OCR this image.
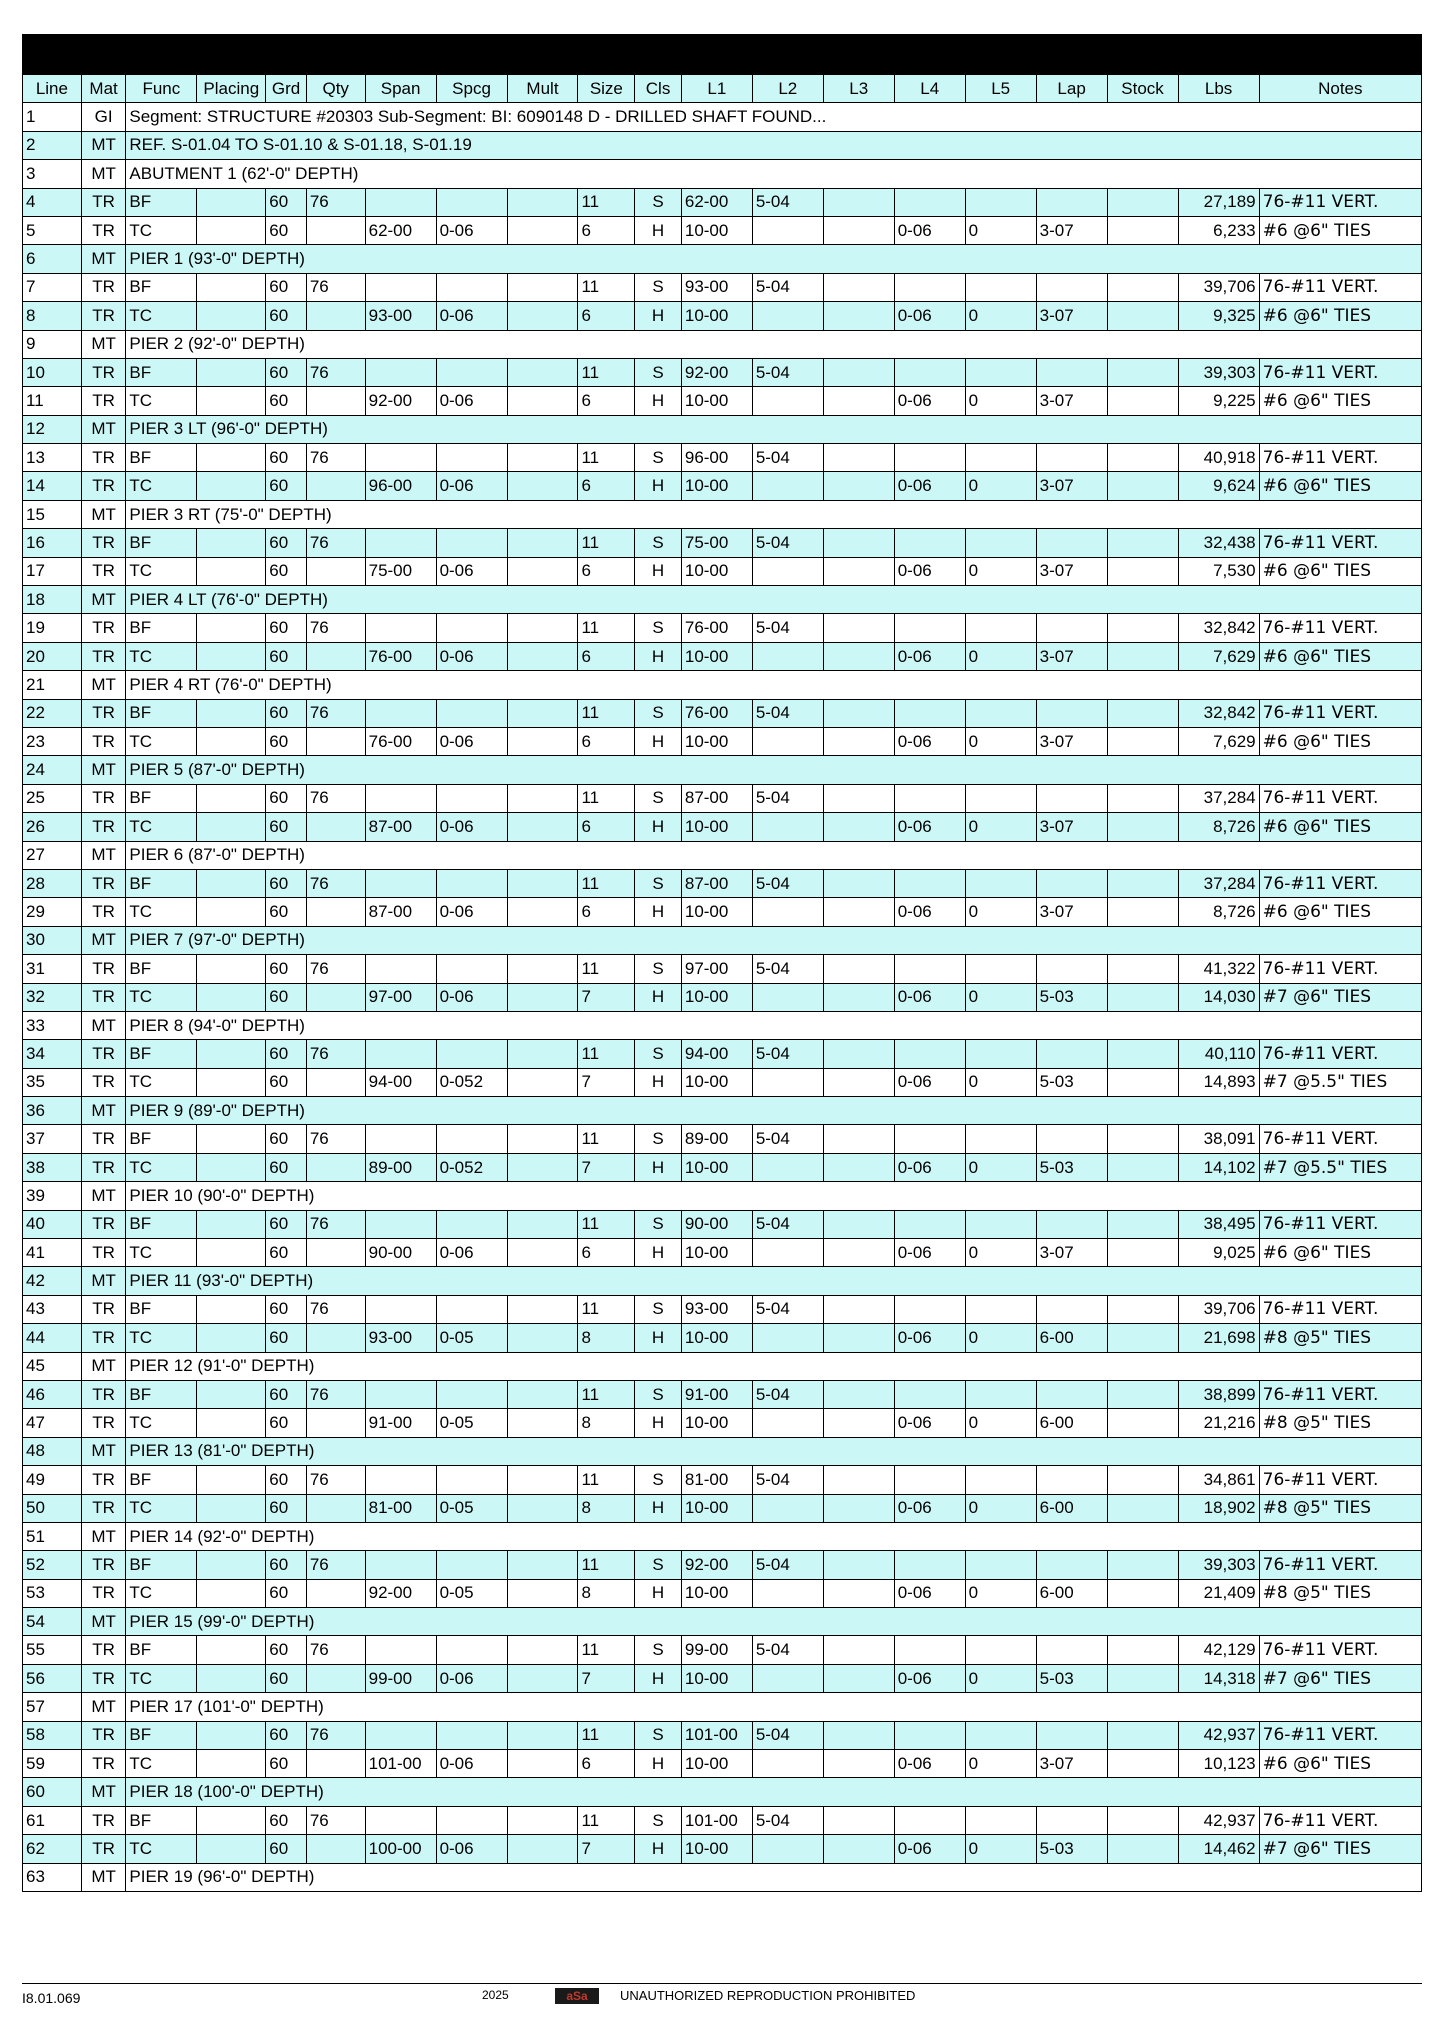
Line	Mat	Func	Placing	Grd	Qty	Span	Spcg	Mult	Size	Cls	L1	L2	L3	L4	L5	Lap	Stock	Lbs	Notes
1	GI	Segment: STRUCTURE #20303 Sub-Segment: BI: 6090148 D - DRILLED SHAFT FOUND...																	
2	MT	REF. S-01.04 TO S-01.10 & S-01.18, S-01.19																	
3	MT	ABUTMENT 1 (62'-0" DEPTH)																	
4	TR	BF		60	76				11	S	62-00	5-04						27,189	76-#11 VERT.
5	TR	TC		60		62-00	0-06		6	H	10-00			0-06	0	3-07		6,233	#6 @6" TIES
6	MT	PIER 1 (93'-0" DEPTH)																	
7	TR	BF		60	76				11	S	93-00	5-04						39,706	76-#11 VERT.
8	TR	TC		60		93-00	0-06		6	H	10-00			0-06	0	3-07		9,325	#6 @6" TIES
9	MT	PIER 2 (92'-0" DEPTH)																	
10	TR	BF		60	76				11	S	92-00	5-04						39,303	76-#11 VERT.
11	TR	TC		60		92-00	0-06		6	H	10-00			0-06	0	3-07		9,225	#6 @6" TIES
12	MT	PIER 3 LT (96'-0" DEPTH)																	
13	TR	BF		60	76				11	S	96-00	5-04						40,918	76-#11 VERT.
14	TR	TC		60		96-00	0-06		6	H	10-00			0-06	0	3-07		9,624	#6 @6" TIES
15	MT	PIER 3 RT (75'-0" DEPTH)																	
16	TR	BF		60	76				11	S	75-00	5-04						32,438	76-#11 VERT.
17	TR	TC		60		75-00	0-06		6	H	10-00			0-06	0	3-07		7,530	#6 @6" TIES
18	MT	PIER 4 LT (76'-0" DEPTH)																	
19	TR	BF		60	76				11	S	76-00	5-04						32,842	76-#11 VERT.
20	TR	TC		60		76-00	0-06		6	H	10-00			0-06	0	3-07		7,629	#6 @6" TIES
21	MT	PIER 4 RT (76'-0" DEPTH)																	
22	TR	BF		60	76				11	S	76-00	5-04						32,842	76-#11 VERT.
23	TR	TC		60		76-00	0-06		6	H	10-00			0-06	0	3-07		7,629	#6 @6" TIES
24	MT	PIER 5 (87'-0" DEPTH)																	
25	TR	BF		60	76				11	S	87-00	5-04						37,284	76-#11 VERT.
26	TR	TC		60		87-00	0-06		6	H	10-00			0-06	0	3-07		8,726	#6 @6" TIES
27	MT	PIER 6 (87'-0" DEPTH)																	
28	TR	BF		60	76				11	S	87-00	5-04						37,284	76-#11 VERT.
29	TR	TC		60		87-00	0-06		6	H	10-00			0-06	0	3-07		8,726	#6 @6" TIES
30	MT	PIER 7 (97'-0" DEPTH)																	
31	TR	BF		60	76				11	S	97-00	5-04						41,322	76-#11 VERT.
32	TR	TC		60		97-00	0-06		7	H	10-00			0-06	0	5-03		14,030	#7 @6" TIES
33	MT	PIER 8 (94'-0" DEPTH)																	
34	TR	BF		60	76				11	S	94-00	5-04						40,110	76-#11 VERT.
35	TR	TC		60		94-00	0-052		7	H	10-00			0-06	0	5-03		14,893	#7 @5.5" TIES
36	MT	PIER 9 (89'-0" DEPTH)																	
37	TR	BF		60	76				11	S	89-00	5-04						38,091	76-#11 VERT.
38	TR	TC		60		89-00	0-052		7	H	10-00			0-06	0	5-03		14,102	#7 @5.5" TIES
39	MT	PIER 10 (90'-0" DEPTH)																	
40	TR	BF		60	76				11	S	90-00	5-04						38,495	76-#11 VERT.
41	TR	TC		60		90-00	0-06		6	H	10-00			0-06	0	3-07		9,025	#6 @6" TIES
42	MT	PIER 11 (93'-0" DEPTH)																	
43	TR	BF		60	76				11	S	93-00	5-04						39,706	76-#11 VERT.
44	TR	TC		60		93-00	0-05		8	H	10-00			0-06	0	6-00		21,698	#8 @5" TIES
45	MT	PIER 12 (91'-0" DEPTH)																	
46	TR	BF		60	76				11	S	91-00	5-04						38,899	76-#11 VERT.
47	TR	TC		60		91-00	0-05		8	H	10-00			0-06	0	6-00		21,216	#8 @5" TIES
48	MT	PIER 13 (81'-0" DEPTH)																	
49	TR	BF		60	76				11	S	81-00	5-04						34,861	76-#11 VERT.
50	TR	TC		60		81-00	0-05		8	H	10-00			0-06	0	6-00		18,902	#8 @5" TIES
51	MT	PIER 14 (92'-0" DEPTH)																	
52	TR	BF		60	76				11	S	92-00	5-04						39,303	76-#11 VERT.
53	TR	TC		60		92-00	0-05		8	H	10-00			0-06	0	6-00		21,409	#8 @5" TIES
54	MT	PIER 15 (99'-0" DEPTH)																	
55	TR	BF		60	76				11	S	99-00	5-04						42,129	76-#11 VERT.
56	TR	TC		60		99-00	0-06		7	H	10-00			0-06	0	5-03		14,318	#7 @6" TIES
57	MT	PIER 17 (101'-0" DEPTH)																	
58	TR	BF		60	76				11	S	101-00	5-04						42,937	76-#11 VERT.
59	TR	TC		60		101-00	0-06		6	H	10-00			0-06	0	3-07		10,123	#6 @6" TIES
60	MT	PIER 18 (100'-0" DEPTH)																	
61	TR	BF		60	76				11	S	101-00	5-04						42,937	76-#11 VERT.
62	TR	TC		60		100-00	0-06		7	H	10-00			0-06	0	5-03		14,462	#7 @6" TIES
63	MT	PIER 19 (96'-0" DEPTH)																	
I8.01.069	2025	aSa	UNAUTHORIZED REPRODUCTION PROHIBITED
